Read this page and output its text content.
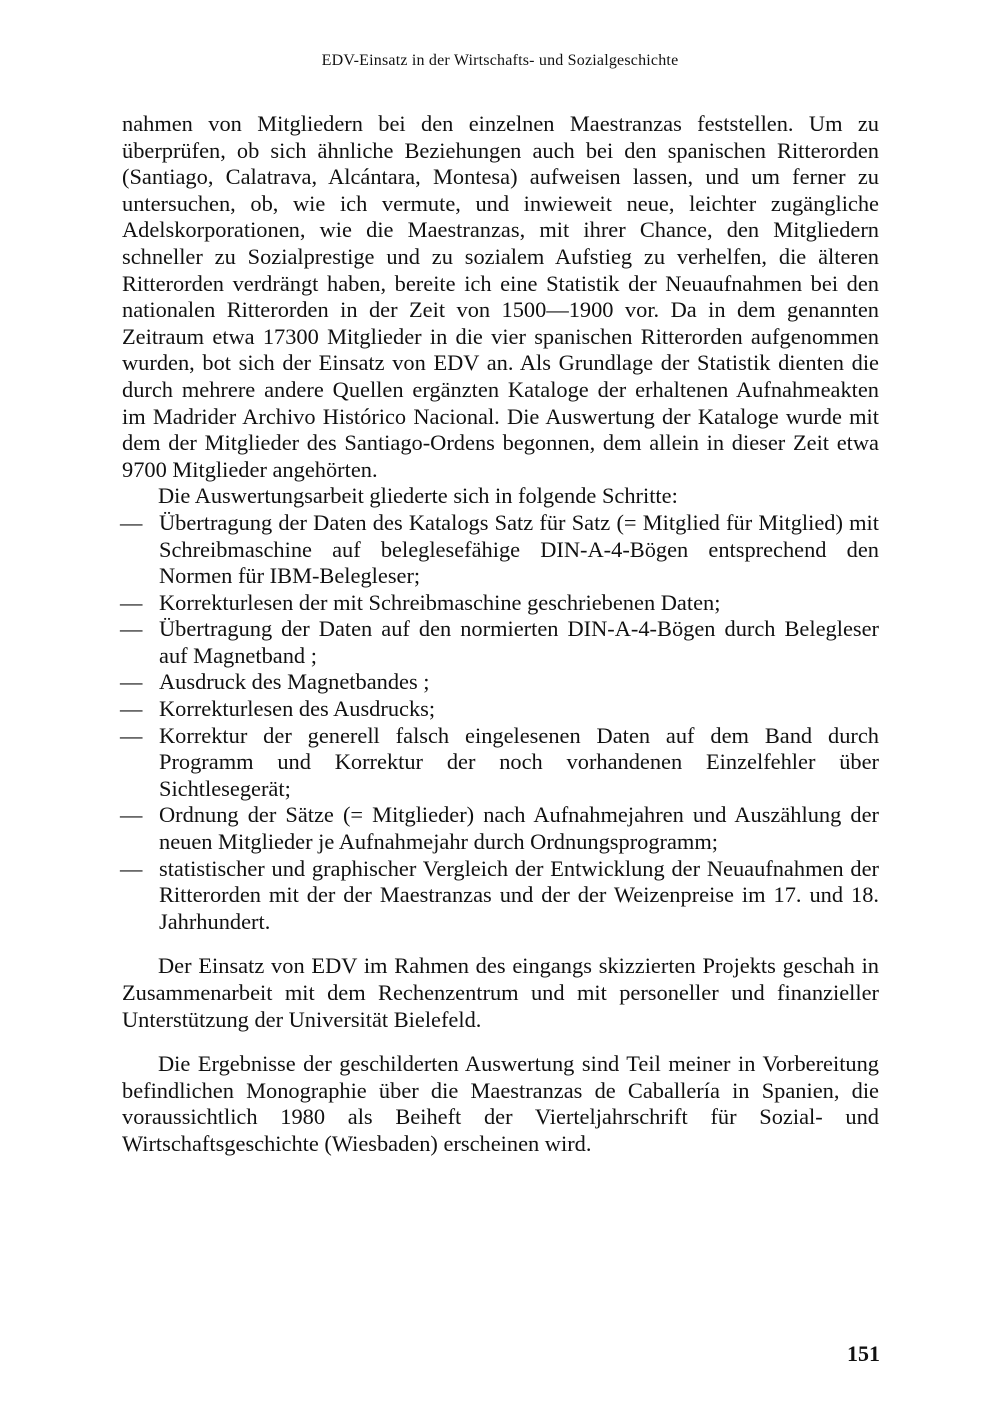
EDV-Einsatz in der Wirtschafts- und Sozialgeschichte

nahmen von Mitgliedern bei den einzelnen Maestranzas feststellen. Um zu überprüfen, ob sich ähnliche Beziehungen auch bei den spanischen Ritterorden (Santiago, Calatrava, Alcántara, Montesa) aufweisen lassen, und um ferner zu untersuchen, ob, wie ich vermute, und inwieweit neue, leichter zugängliche Adelskorporationen, wie die Maestranzas, mit ihrer Chance, den Mitgliedern schneller zu Sozialprestige und zu sozialem Aufstieg zu verhelfen, die älteren Ritterorden verdrängt haben, bereite ich eine Statistik der Neuaufnahmen bei den nationalen Ritterorden in der Zeit von 1500—1900 vor. Da in dem genannten Zeitraum etwa 17300 Mitglieder in die vier spanischen Ritterorden aufgenommen wurden, bot sich der Einsatz von EDV an. Als Grundlage der Statistik dienten die durch mehrere andere Quellen ergänzten Kataloge der erhaltenen Aufnahmeakten im Madrider Archivo Histórico Nacional. Die Auswertung der Kataloge wurde mit dem der Mitglieder des Santiago-Ordens begonnen, dem allein in dieser Zeit etwa 9700 Mitglieder angehörten.

Die Auswertungsarbeit gliederte sich in folgende Schritte:

— Übertragung der Daten des Katalogs Satz für Satz (= Mitglied für Mitglied) mit Schreibmaschine auf beleglesefähige DIN-A-4-Bögen entsprechend den Normen für IBM-Belegleser;
— Korrekturlesen der mit Schreibmaschine geschriebenen Daten;
— Übertragung der Daten auf den normierten DIN-A-4-Bögen durch Belegleser auf Magnetband ;
— Ausdruck des Magnetbandes ;
— Korrekturlesen des Ausdrucks;
— Korrektur der generell falsch eingelesenen Daten auf dem Band durch Programm und Korrektur der noch vorhandenen Einzelfehler über Sichtlesegerät;
— Ordnung der Sätze (= Mitglieder) nach Aufnahmejahren und Auszählung der neuen Mitglieder je Aufnahmejahr durch Ordnungsprogramm;
— statistischer und graphischer Vergleich der Entwicklung der Neuaufnahmen der Ritterorden mit der der Maestranzas und der der Weizenpreise im 17. und 18. Jahrhundert.

Der Einsatz von EDV im Rahmen des eingangs skizzierten Projekts geschah in Zusammenarbeit mit dem Rechenzentrum und mit personeller und finanzieller Unterstützung der Universität Bielefeld.

Die Ergebnisse der geschilderten Auswertung sind Teil meiner in Vorbereitung befindlichen Monographie über die Maestranzas de Caballería in Spanien, die voraussichtlich 1980 als Beiheft der Vierteljahrschrift für Sozial- und Wirtschaftsgeschichte (Wiesbaden) erscheinen wird.

151
